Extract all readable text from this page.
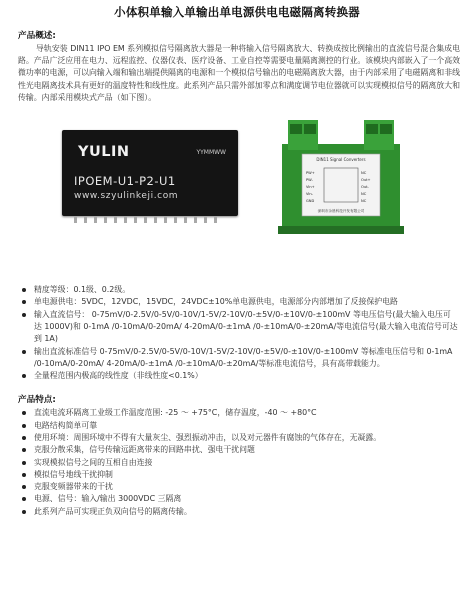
小体积单输入单输出单电源供电电磁隔离转换器
产品概述:

导轨安装 DIN11 IPO EM 系列模拟信号隔离放大器是一种将输入信号隔离放大、转换成按比例输出的直流信号混合集成电路。产品广泛应用在电力、远程监控、仪器仪表、医疗设备、工业自控等需要电量隔离测控的行业。该模块内部嵌入了一个高效微功率的电源，可以向输入端和输出端提供隔离的电源和一个模拟信号输出的电磁隔离放大器，由于内部采用了电磁隔离和非线性光电隔离技术具有更好的温度特性和线性度。此系列产品只需外部加零点和满度调节电位器就可以实现模拟信号的隔离放大和传输。内部采用模块式产品（如下图）。

YULIN	YYMMWW
IPOEM-U1-P2-U1
www.szyulinkeji.com
DIN11 Signal Converters
PW+
PW-
Vin+
Vin-
GND
NC
Out+
Out-
NC
NC
深圳市余晨科技开发有限公司
精度等级：0.1级、0.2级。
单电源供电：5VDC，12VDC，15VDC，24VDC±10%单电源供电，电源部分内部增加了反接保护电路
输入直流信号： 0-75mV/0-2.5V/0-5V/0-10V/1-5V/2-10V/0-±5V/0-±10V/0-±100mV 等电压信号(最大输入电压可达 1000V)和 0-1mA /0-10mA/0-20mA/ 4-20mA/0-±1mA /0-±10mA/0-±20mA/等电流信号(最大输入电流信号可达到 1A)
输出直流标准信号 0-75mV/0-2.5V/0-5V/0-10V/1-5V/2-10V/0-±5V/0-±10V/0-±100mV 等标准电压信号和 0-1mA /0-10mA/0-20mA/ 4-20mA/0-±1mA /0-±10mA/0-±20mA/等标准电流信号，具有高带载能力。
全量程范围内极高的线性度（非线性度<0.1%）
产品特点:
直流电流环隔离工业级工作温度范围: -25 ～ +75°C，储存温度，-40 ～ +80°C
电路结构简单可靠
使用环境：周围环境中不得有大量灰尘、强烈振动冲击，以及对元器件有腐蚀的气体存在，无凝露。
克服分散采集，信号传输远距离带来的回路串扰、强电干扰问题
实现模拟信号之间的互相自由连接
模拟信号地线干扰抑制
克服变频器带来的干扰
电源、信号：输入/输出 3000VDC 三隔离
此系列产品可实现正负双向信号的隔离传输。
